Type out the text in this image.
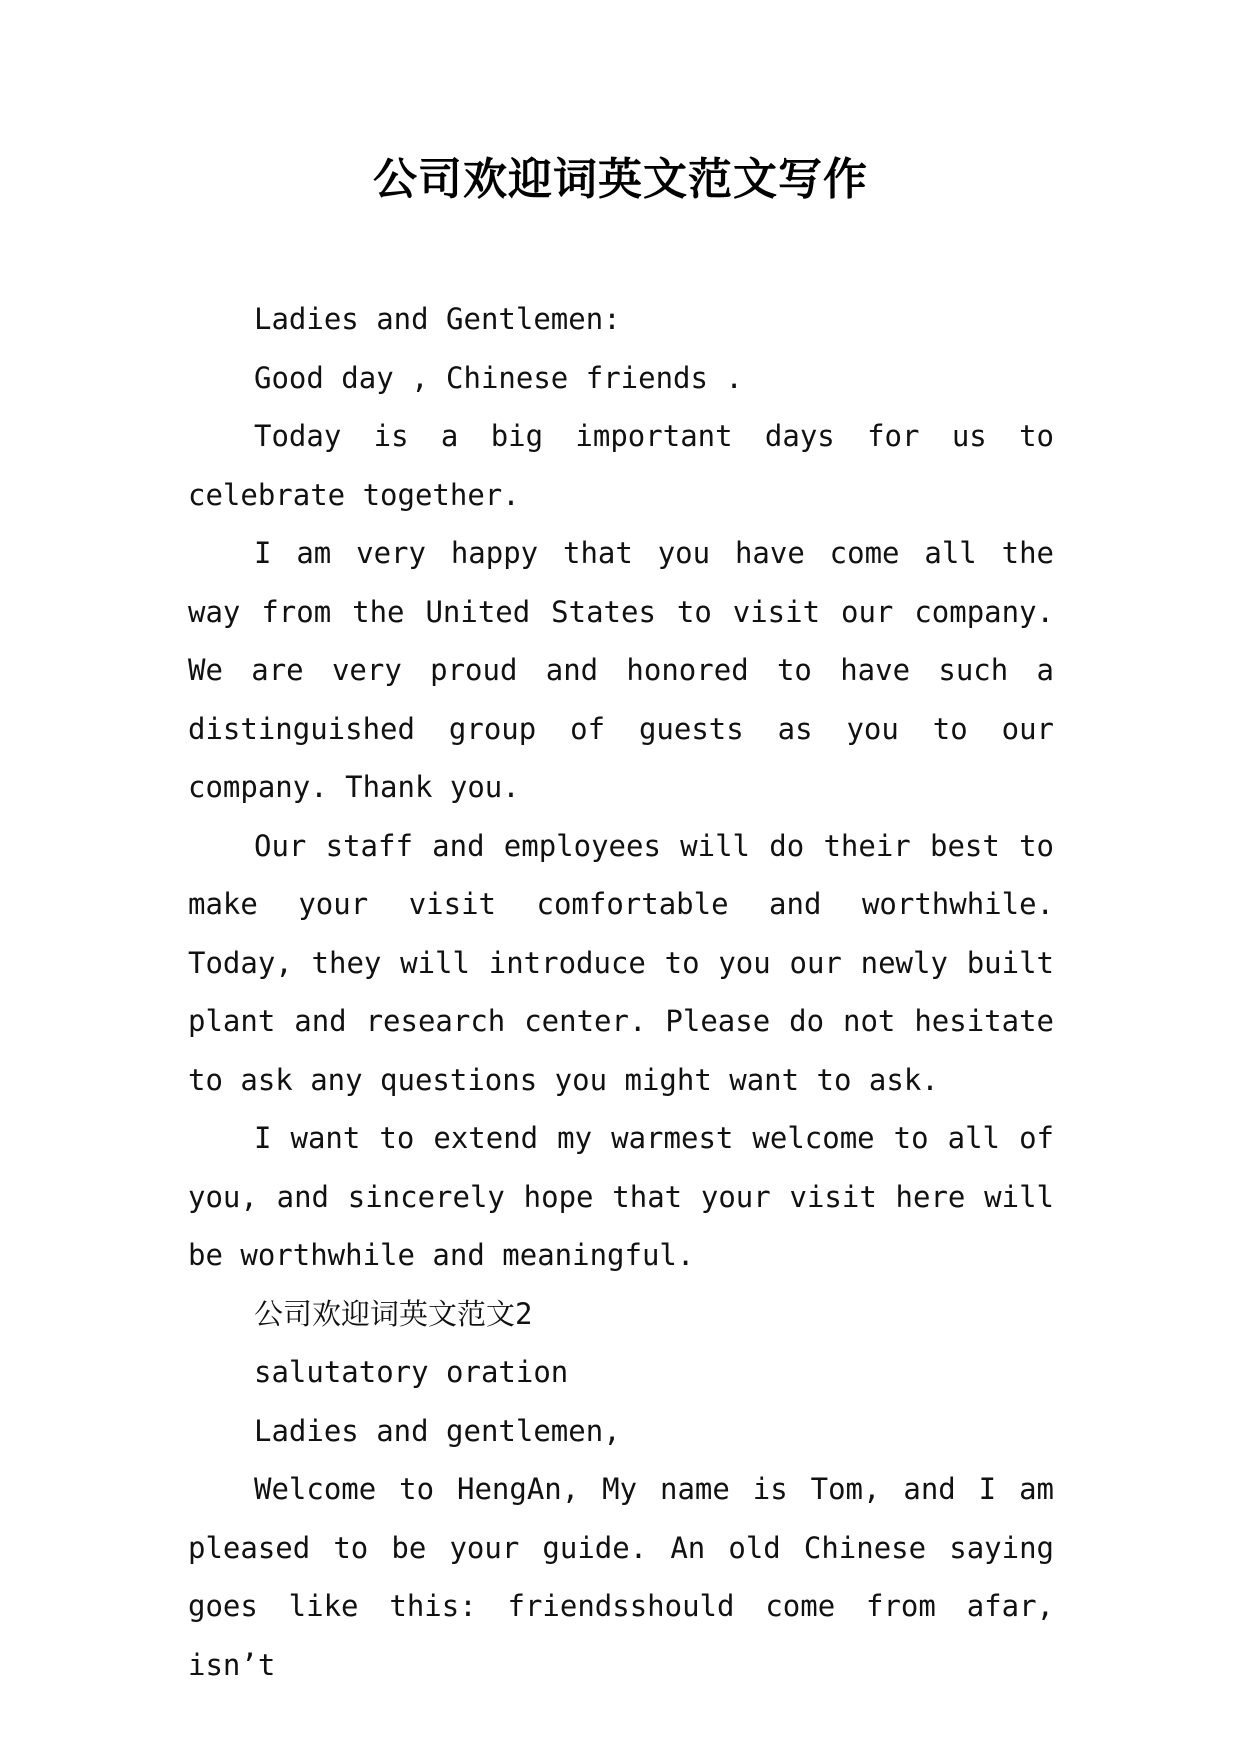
公司欢迎词英文范文写作

Ladies and Gentlemen:

Good day , Chinese friends .

Today is a big important days for us to celebrate together.

I am very happy that you have come all the way from the United States to visit our company. We are very proud and honored to have such a distinguished group of guests as you to our company. Thank you.

Our staff and employees will do their best to make your visit comfortable and worthwhile. Today, they will introduce to you our newly built plant and research center. Please do not hesitate to ask any questions you might want to ask.

I want to extend my warmest welcome to all of you, and sincerely hope that your visit here will be worthwhile and meaningful.

公司欢迎词英文范文2

salutatory oration

Ladies and gentlemen,

Welcome to HengAn, My name is Tom, and I am pleased to be your guide. An old Chinese saying goes like this: friendsshould come from afar, isn’t
